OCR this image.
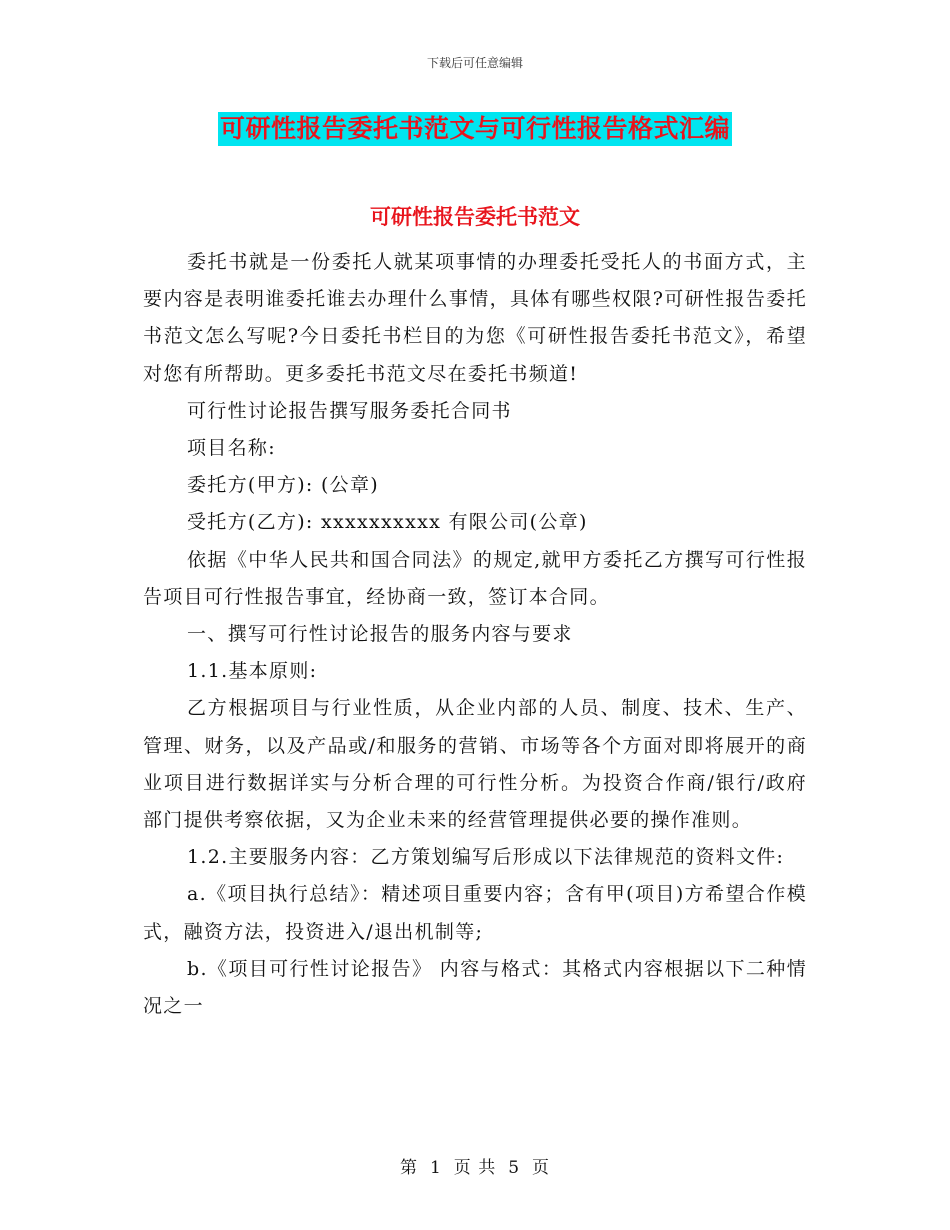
下载后可任意编辑
可研性报告委托书范文与可行性报告格式汇编
可研性报告委托书范文

委托书就是一份委托人就某项事情的办理委托受托人的书面方式，主要内容是表明谁委托谁去办理什么事情，具体有哪些权限?可研性报告委托书范文怎么写呢?今日委托书栏目的为您《可研性报告委托书范文》，希望对您有所帮助。更多委托书范文尽在委托书频道!

可行性讨论报告撰写服务委托合同书

项目名称:

委托方(甲方): (公章)

受托方(乙方): xxxxxxxxxx 有限公司(公章)

依据《中华人民共和国合同法》的规定,就甲方委托乙方撰写可行性报告项目可行性报告事宜，经协商一致，签订本合同。

一、撰写可行性讨论报告的服务内容与要求

1.1.基本原则:

乙方根据项目与行业性质，从企业内部的人员、制度、技术、生产、管理、财务，以及产品或/和服务的营销、市场等各个方面对即将展开的商业项目进行数据详实与分析合理的可行性分析。为投资合作商/银行/政府部门提供考察依据，又为企业未来的经营管理提供必要的操作准则。

1.2.主要服务内容：乙方策划编写后形成以下法律规范的资料文件:

a.《项目执行总结》：精述项目重要内容；含有甲(项目)方希望合作模式，融资方法，投资进入/退出机制等;

b.《项目可行性讨论报告》 内容与格式：其格式内容根据以下二种情况之一

第 1 页 共 5 页
